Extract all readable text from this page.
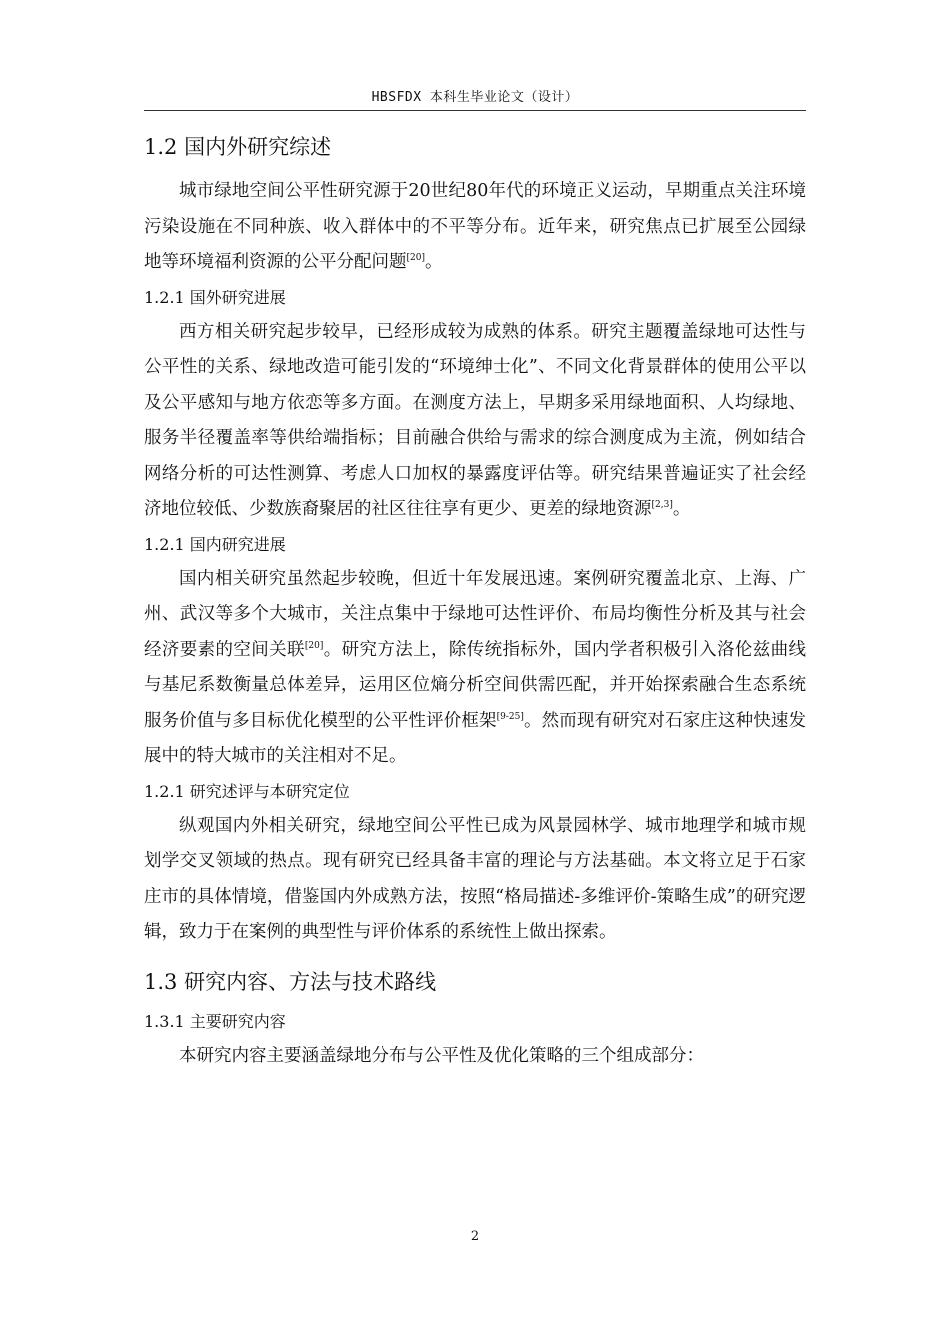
HBSFDX 本科生毕业论文（设计）
1.2 国内外研究综述

城市绿地空间公平性研究源于20世纪80年代的环境正义运动，早期重点关注环境污染设施在不同种族、收入群体中的不平等分布。近年来，研究焦点已扩展至公园绿地等环境福利资源的公平分配问题[20]。

1.2.1 国外研究进展

西方相关研究起步较早，已经形成较为成熟的体系。研究主题覆盖绿地可达性与公平性的关系、绿地改造可能引发的“环境绅士化”、不同文化背景群体的使用公平以及公平感知与地方依恋等多方面。在测度方法上，早期多采用绿地面积、人均绿地、服务半径覆盖率等供给端指标；目前融合供给与需求的综合测度成为主流，例如结合网络分析的可达性测算、考虑人口加权的暴露度评估等。研究结果普遍证实了社会经济地位较低、少数族裔聚居的社区往往享有更少、更差的绿地资源[2,3]。

1.2.1 国内研究进展

国内相关研究虽然起步较晚，但近十年发展迅速。案例研究覆盖北京、上海、广州、武汉等多个大城市，关注点集中于绿地可达性评价、布局均衡性分析及其与社会经济要素的空间关联[20]。研究方法上，除传统指标外，国内学者积极引入洛伦兹曲线与基尼系数衡量总体差异，运用区位熵分析空间供需匹配，并开始探索融合生态系统服务价值与多目标优化模型的公平性评价框架[9-25]。然而现有研究对石家庄这种快速发展中的特大城市的关注相对不足。

1.2.1 研究述评与本研究定位

纵观国内外相关研究，绿地空间公平性已成为风景园林学、城市地理学和城市规划学交叉领域的热点。现有研究已经具备丰富的理论与方法基础。本文将立足于石家庄市的具体情境，借鉴国内外成熟方法，按照“格局描述-多维评价-策略生成”的研究逻辑，致力于在案例的典型性与评价体系的系统性上做出探索。

1.3 研究内容、方法与技术路线
1.3.1 主要研究内容

本研究内容主要涵盖绿地分布与公平性及优化策略的三个组成部分：

2
